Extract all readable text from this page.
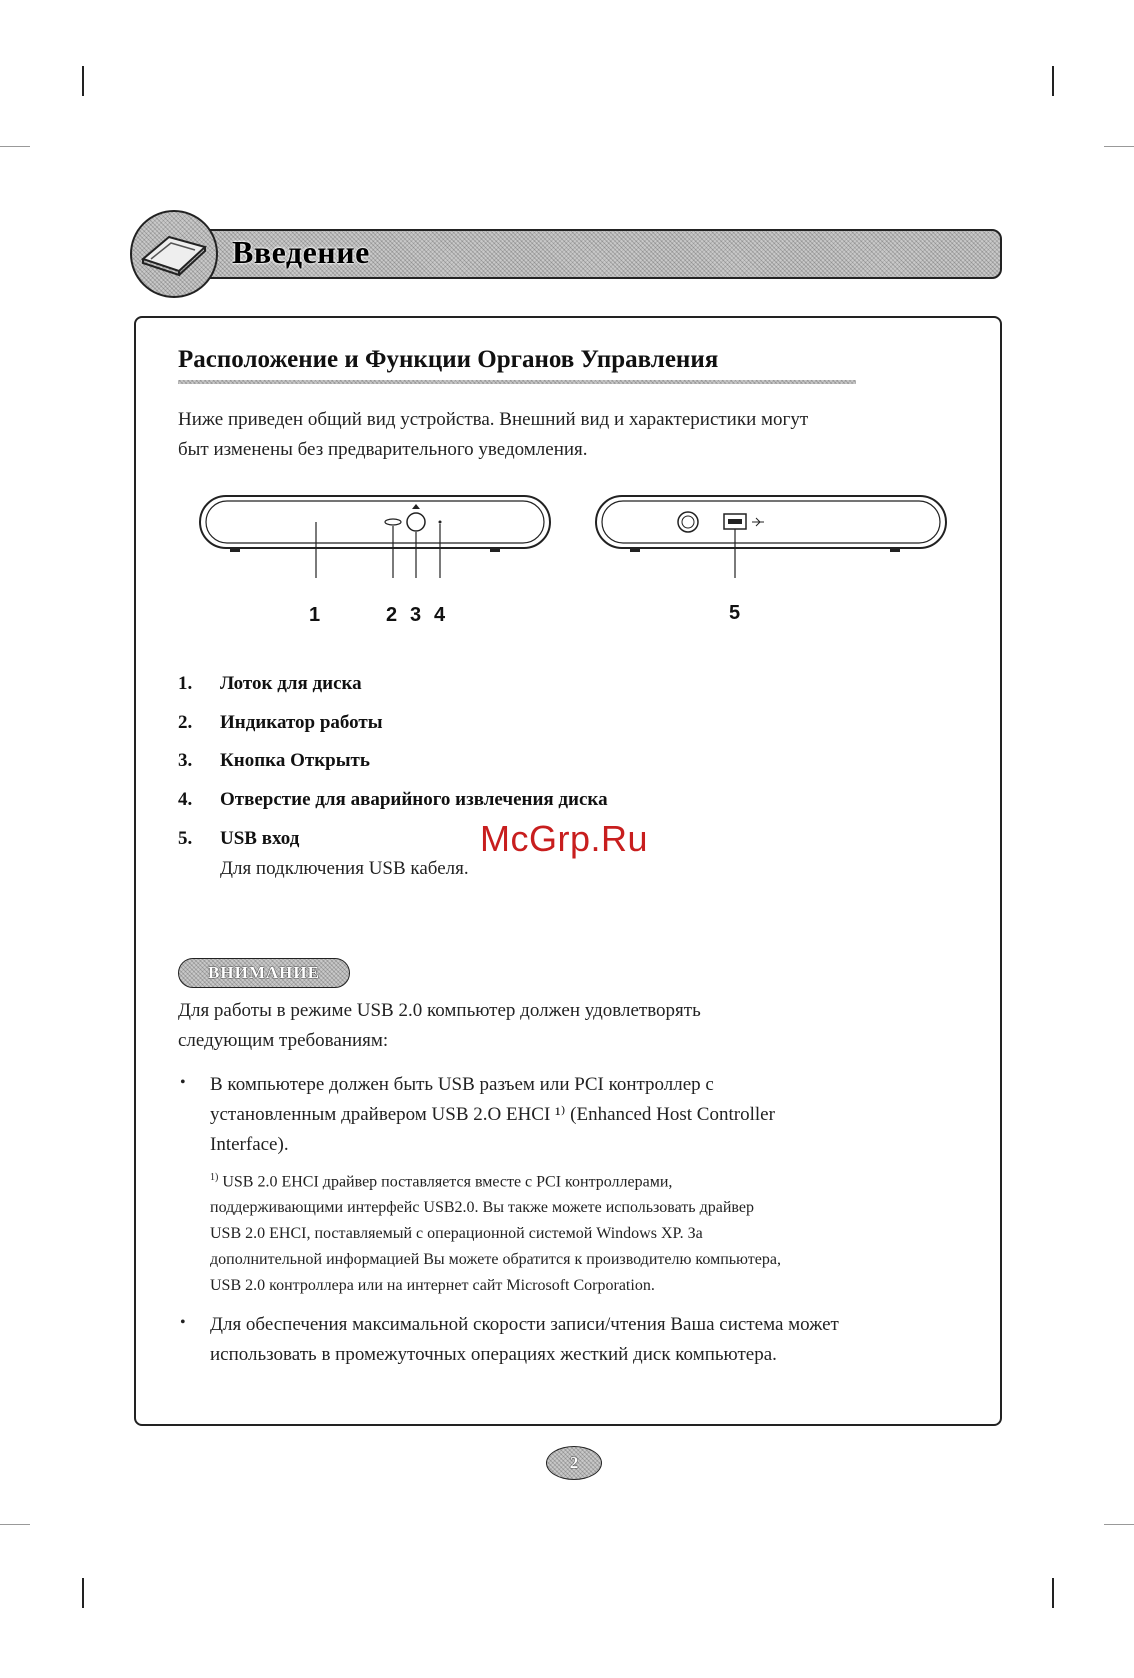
Введение
Расположение и Функции Органов Управления
Ниже приведен общий вид устройства. Внешний вид и характеристики могут
быт изменены без предварительного уведомления.
1	2 3 4	5
1. Лоток для диска
2. Индикатор работы
3. Кнопка Открыть
4. Отверстие для аварийного извлечения диска
5. USB вход
Для подключения USB кабеля.
McGrp.Ru
ВНИМАНИЕ
Для работы в режиме USB 2.0 компьютер должен удовлетворять
следующим требованиям:
• В компьютере должен быть USB разъем или PCI контроллер с
установленным драйвером USB 2.O EHCI ¹⁾ (Enhanced Host Controller
Interface).
$^{1)}$ USB 2.0 EHCI драйвер поставляется вместе с PCI контроллерами,
поддерживающими интерфейс USB2.0. Вы также можете использовать драйвер
USB 2.0 EHCI, поставляемый с операционной системой Windows XP. За
дополнительной информацией Вы можете обратится к производителю компьютера,
USB 2.0 контроллера или на интернет сайт Microsoft Corporation.
• Для обеспечения максимальной скорости записи/чтения Ваша система может
использовать в промежуточных операциях жесткий диск компьютера.
2
